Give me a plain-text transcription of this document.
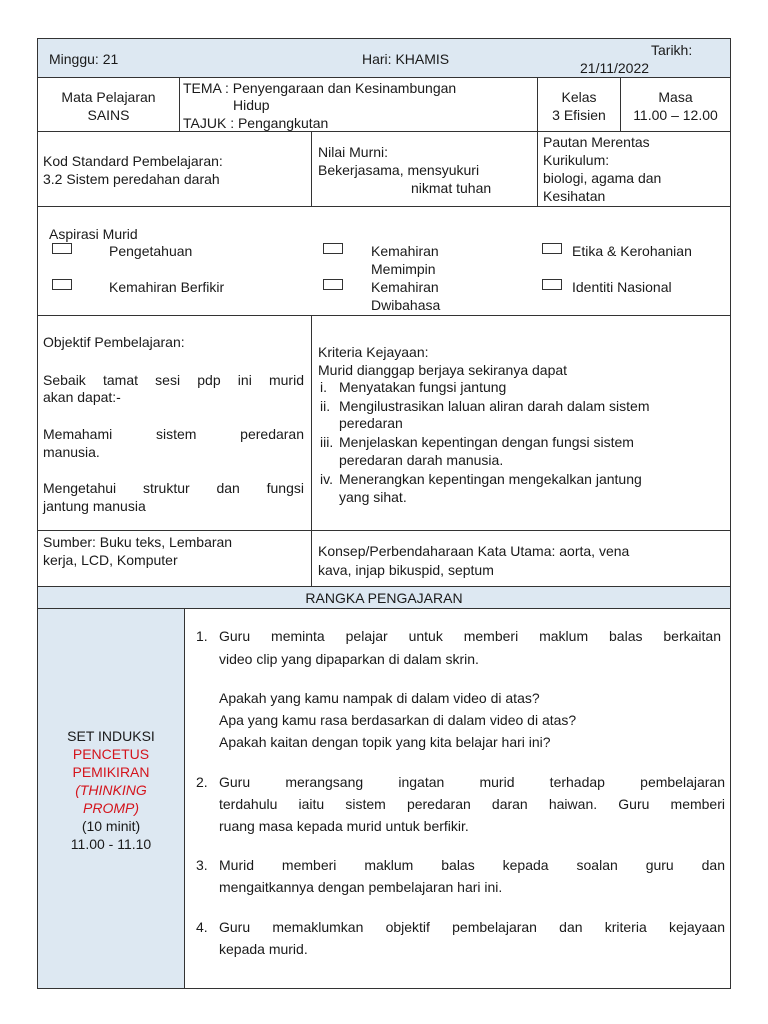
Minggu: 21	Hari: KHAMIS
Tarikh:
21/11/2022
Mata Pelajaran
SAINS
TEMA : Penyengaraan dan Kesinambungan
Hidup
TAJUK : Pengangkutan
Kelas
3 Efisien
Masa
11.00 – 12.00
Kod Standard Pembelajaran:
3.2 Sistem peredahan darah
Nilai Murni:
Bekerjasama, mensyukuri
nikmat tuhan
Pautan Merentas
Kurikulum:
biologi, agama dan
Kesihatan
Aspirasi Murid
Pengetahuan
Kemahiran Berfikir
Kemahiran
Memimpin
Kemahiran
Dwibahasa
Etika & Kerohanian
Identiti Nasional
Objektif Pembelajaran:
Sebaik tamat sesi pdp ini murid
akan dapat:-
Memahami sistem peredaran
manusia.
Mengetahui struktur dan fungsi
jantung manusia
Kriteria Kejayaan:
Murid dianggap berjaya sekiranya dapat
i. Menyatakan fungsi jantung
ii. Mengilustrasikan laluan aliran darah dalam sistem
peredaran
iii. Menjelaskan kepentingan dengan fungsi sistem
peredaran darah manusia.
iv. Menerangkan kepentingan mengekalkan jantung
yang sihat.
Sumber: Buku teks, Lembaran
kerja, LCD, Komputer
Konsep/Perbendaharaan Kata Utama: aorta, vena
kava, injap bikuspid, septum
RANGKA PENGAJARAN
SET INDUKSI
PENCETUS
PEMIKIRAN
(THINKING
PROMP)
(10 minit)
11.00 - 11.10
1. Guru meminta pelajar untuk memberi maklum balas berkaitan
video clip yang dipaparkan di dalam skrin.
Apakah yang kamu nampak di dalam video di atas?
Apa yang kamu rasa berdasarkan di dalam video di atas?
Apakah kaitan dengan topik yang kita belajar hari ini?
2. Guru merangsang ingatan murid terhadap pembelajaran
terdahulu iaitu sistem peredaran daran haiwan. Guru memberi
ruang masa kepada murid untuk berfikir.
3. Murid memberi maklum balas kepada soalan guru dan
mengaitkannya dengan pembelajaran hari ini.
4. Guru memaklumkan objektif pembelajaran dan kriteria kejayaan
kepada murid.
